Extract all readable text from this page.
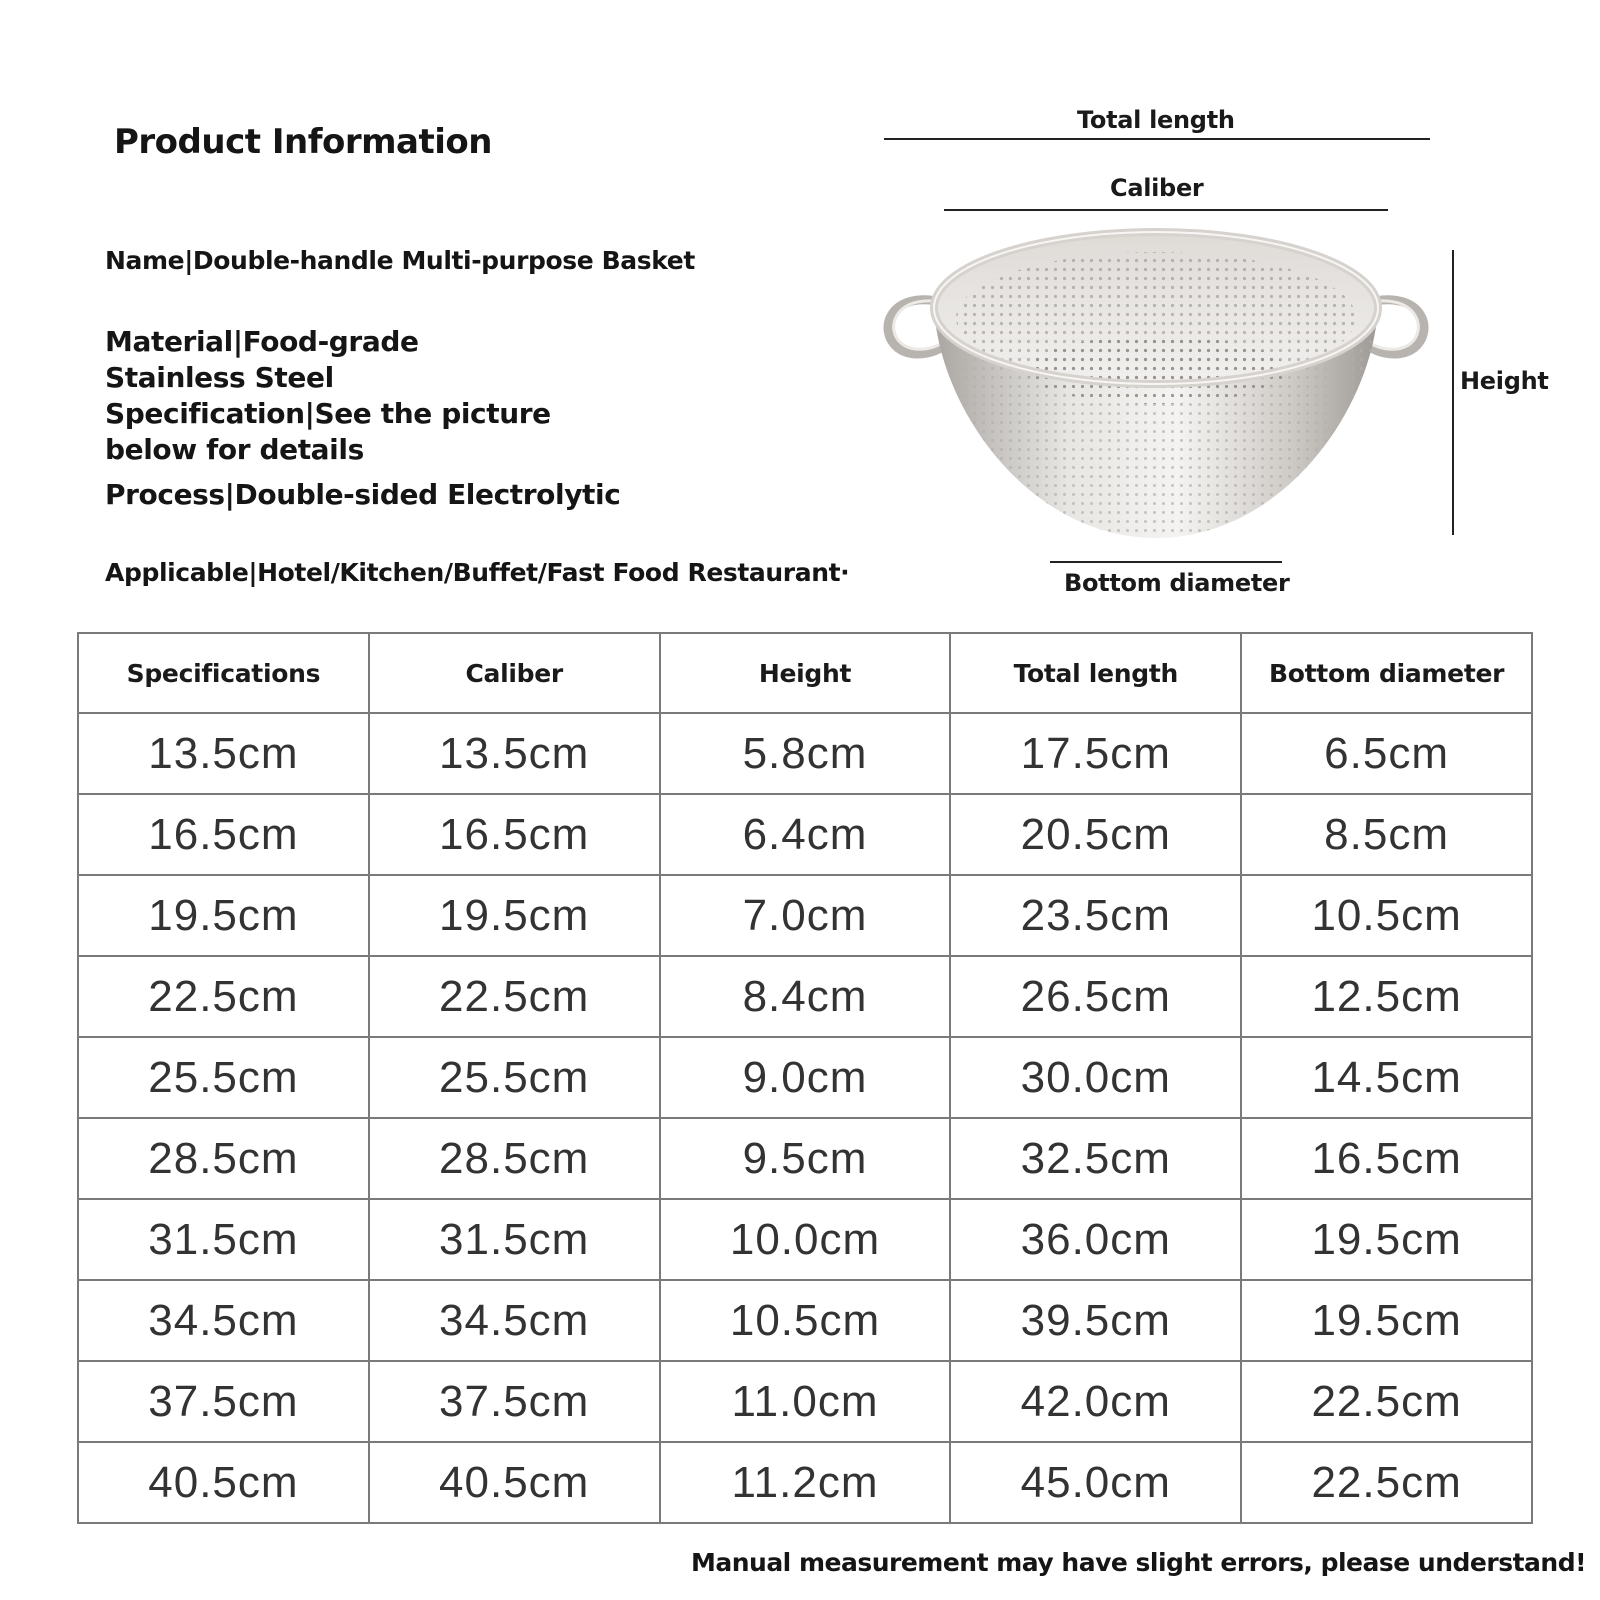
Product Information

Name|Double-handle Multi-purpose Basket

Material|Food-grade Stainless Steel Specification|See the picture below for details

Process|Double-sided Electrolytic

Applicable|Hotel/Kitchen/Buffet/Fast Food Restaurant·

Total length
Caliber
Height
Bottom diameter
Specifications	Caliber	Height	Total length	Bottom diameter
13.5cm	13.5cm	5.8cm	17.5cm	6.5cm
16.5cm	16.5cm	6.4cm	20.5cm	8.5cm
19.5cm	19.5cm	7.0cm	23.5cm	10.5cm
22.5cm	22.5cm	8.4cm	26.5cm	12.5cm
25.5cm	25.5cm	9.0cm	30.0cm	14.5cm
28.5cm	28.5cm	9.5cm	32.5cm	16.5cm
31.5cm	31.5cm	10.0cm	36.0cm	19.5cm
34.5cm	34.5cm	10.5cm	39.5cm	19.5cm
37.5cm	37.5cm	11.0cm	42.0cm	22.5cm
40.5cm	40.5cm	11.2cm	45.0cm	22.5cm

Manual measurement may have slight errors, please understand!
